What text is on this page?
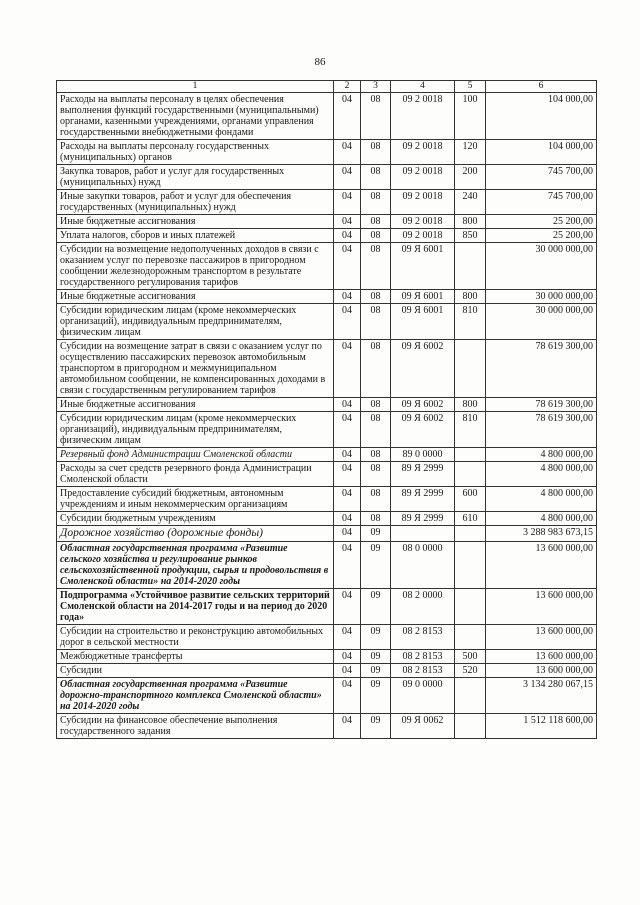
86
1	2	3	4	5	6
Расходы на выплаты персоналу в целях обеспечения выполнения функций государственными (муниципальными) органами, казенными учреждениями, органами управления государственными внебюджетными фондами	04	08	09 2 0018	100	104 000,00
Расходы на выплаты персоналу государственных (муниципальных) органов	04	08	09 2 0018	120	104 000,00
Закупка товаров, работ и услуг для государственных (муниципальных) нужд	04	08	09 2 0018	200	745 700,00
Иные закупки товаров, работ и услуг для обеспечения государственных (муниципальных) нужд	04	08	09 2 0018	240	745 700,00
Иные бюджетные ассигнования	04	08	09 2 0018	800	25 200,00
Уплата налогов, сборов и иных платежей	04	08	09 2 0018	850	25 200,00
Субсидии на возмещение недополученных доходов в связи с оказанием услуг по перевозке пассажиров в пригородном сообщении железнодорожным транспортом в результате государственного регулирования тарифов	04	08	09 Я 6001		30 000 000,00
Иные бюджетные ассигнования	04	08	09 Я 6001	800	30 000 000,00
Субсидии юридическим лицам (кроме некоммерческих организаций), индивидуальным предпринимателям, физическим лицам	04	08	09 Я 6001	810	30 000 000,00
Субсидии на возмещение затрат в связи с оказанием услуг по осуществлению пассажирских перевозок автомобильным транспортом в пригородном и межмуниципальном автомобильном сообщении, не компенсированных доходами в связи с государственным регулированием тарифов	04	08	09 Я 6002		78 619 300,00
Иные бюджетные ассигнования	04	08	09 Я 6002	800	78 619 300,00
Субсидии юридическим лицам (кроме некоммерческих организаций), индивидуальным предпринимателям, физическим лицам	04	08	09 Я 6002	810	78 619 300,00
Резервный фонд Администрации Смоленской области	04	08	89 0 0000		4 800 000,00
Расходы за счет средств резервного фонда Администрации Смоленской области	04	08	89 Я 2999		4 800 000,00
Предоставление субсидий бюджетным, автономным учреждениям и иным некоммерческим организациям	04	08	89 Я 2999	600	4 800 000,00
Субсидии бюджетным учреждениям	04	08	89 Я 2999	610	4 800 000,00
Дорожное хозяйство (дорожные фонды)	04	09			3 288 983 673,15
Областная государственная программа «Развитие сельского хозяйства и регулирование рынков сельскохозяйственной продукции, сырья и продовольствия в Смоленской области» на 2014-2020 годы	04	09	08 0 0000		13 600 000,00
Подпрограмма «Устойчивое развитие сельских территорий Смоленской области на 2014-2017 годы и на период до 2020 года»	04	09	08 2 0000		13 600 000,00
Субсидии на строительство и реконструкцию автомобильных дорог в сельской местности	04	09	08 2 8153		13 600 000,00
Межбюджетные трансферты	04	09	08 2 8153	500	13 600 000,00
Субсидии	04	09	08 2 8153	520	13 600 000,00
Областная государственная программа «Развитие дорожно-транспортного комплекса Смоленской области» на 2014-2020 годы	04	09	09 0 0000		3 134 280 067,15
Субсидии на финансовое обеспечение выполнения государственного задания	04	09	09 Я 0062		1 512 118 600,00
